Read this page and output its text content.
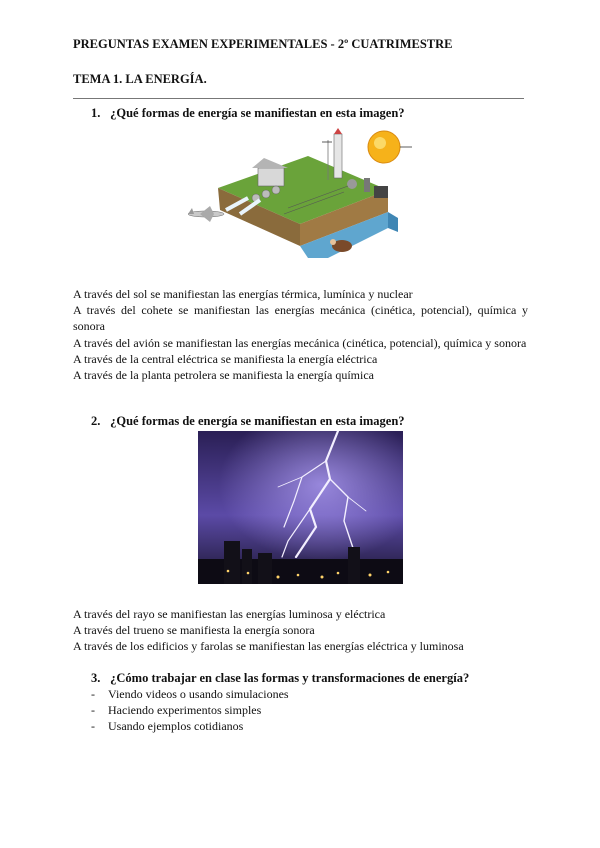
PREGUNTAS EXAMEN EXPERIMENTALES - 2º CUATRIMESTRE
TEMA 1. LA ENERGÍA.
1. ¿Qué formas de energía se manifiestan en esta imagen?

A través del sol se manifiestan las energías térmica, lumínica y nuclear

A través del cohete se manifiestan las energías mecánica (cinética, potencial), química y sonora

A través del avión se manifiestan las energías mecánica (cinética, potencial), química y sonora

A través de la central eléctrica se manifiesta la energía eléctrica

A través de la planta petrolera se manifiesta la energía química

2. ¿Qué formas de energía se manifiestan en esta imagen?

A través del rayo se manifiestan las energías luminosa y eléctrica

A través del trueno se manifiesta la energía sonora

A través de los edificios y farolas se manifiestan las energías eléctrica y luminosa

3. ¿Cómo trabajar en clase las formas y transformaciones de energía?
- Viendo videos o usando simulaciones
- Haciendo experimentos simples
- Usando ejemplos cotidianos
